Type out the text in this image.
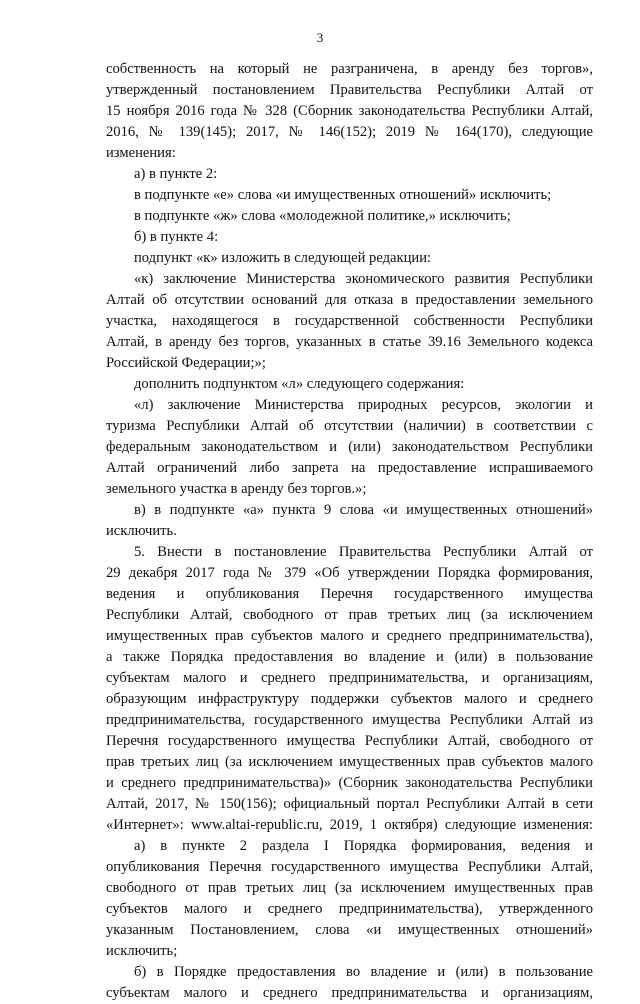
3
собственность на который не разграничена, в аренду без торгов»,
утвержденный постановлением Правительства Республики Алтай от
15 ноября 2016 года № 328 (Сборник законодательства Республики Алтай,
2016, № 139(145); 2017, № 146(152); 2019 № 164(170), следующие
изменения:
а) в пункте 2:
в подпункте «е» слова «и имущественных отношений» исключить;
в подпункте «ж» слова «молодежной политике,» исключить;
б) в пункте 4:
подпункт «к» изложить в следующей редакции:
«к) заключение Министерства экономического развития Республики
Алтай об отсутствии оснований для отказа в предоставлении земельного
участка, находящегося в государственной собственности Республики
Алтай, в аренду без торгов, указанных в статье 39.16 Земельного кодекса
Российской Федерации;»;
дополнить подпунктом «л» следующего содержания:
«л) заключение Министерства природных ресурсов, экологии и
туризма Республики Алтай об отсутствии (наличии) в соответствии с
федеральным законодательством и (или) законодательством Республики
Алтай ограничений либо запрета на предоставление испрашиваемого
земельного участка в аренду без торгов.»;
в) в подпункте «а» пункта 9 слова «и имущественных отношений»
исключить.
5. Внести в постановление Правительства Республики Алтай от
29 декабря 2017 года № 379 «Об утверждении Порядка формирования,
ведения и опубликования Перечня государственного имущества
Республики Алтай, свободного от прав третьих лиц (за исключением
имущественных прав субъектов малого и среднего предпринимательства),
а также Порядка предоставления во владение и (или) в пользование
субъектам малого и среднего предпринимательства, и организациям,
образующим инфраструктуру поддержки субъектов малого и среднего
предпринимательства, государственного имущества Республики Алтай из
Перечня государственного имущества Республики Алтай, свободного от
прав третьих лиц (за исключением имущественных прав субъектов малого
и среднего предпринимательства)» (Сборник законодательства Республики
Алтай, 2017, № 150(156); официальный портал Республики Алтай в сети
«Интернет»: www.altai-republic.ru, 2019, 1 октября) следующие изменения:
а) в пункте 2 раздела I Порядка формирования, ведения и
опубликования Перечня государственного имущества Республики Алтай,
свободного от прав третьих лиц (за исключением имущественных прав
субъектов малого и среднего предпринимательства), утвержденного
указанным Постановлением, слова «и имущественных отношений»
исключить;
б) в Порядке предоставления во владение и (или) в пользование
субъектам малого и среднего предпринимательства и организациям,
